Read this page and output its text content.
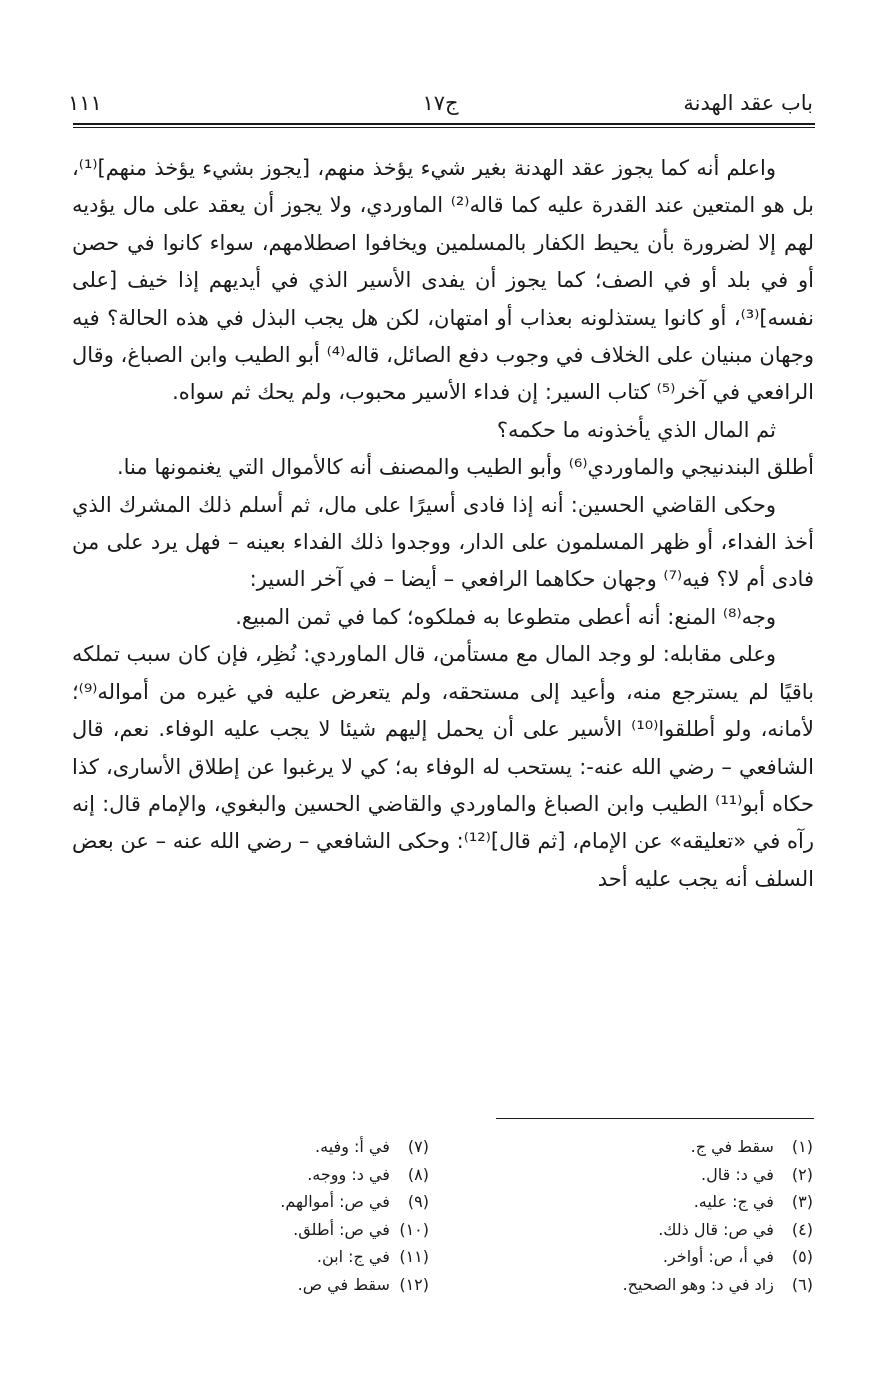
باب عقد الهدنة
ج١٧
١١١

واعلم أنه كما يجوز عقد الهدنة بغير شيء يؤخذ منهم، [يجوز بشيء يؤخذ منهم]⁽¹⁾، بل هو المتعين عند القدرة عليه كما قاله⁽²⁾ الماوردي، ولا يجوز أن يعقد على مال يؤديه لهم إلا لضرورة بأن يحيط الكفار بالمسلمين ويخافوا اصطلامهم، سواء كانوا في حصن أو في بلد أو في الصف؛ كما يجوز أن يفدى الأسير الذي في أيديهم إذا خيف [على نفسه]⁽³⁾، أو كانوا يستذلونه بعذاب أو امتهان، لكن هل يجب البذل في هذه الحالة؟ فيه وجهان مبنيان على الخلاف في وجوب دفع الصائل، قاله⁽⁴⁾ أبو الطيب وابن الصباغ، وقال الرافعي في آخر⁽⁵⁾ كتاب السير: إن فداء الأسير محبوب، ولم يحك ثم سواه.

ثم المال الذي يأخذونه ما حكمه؟

أطلق البندنيجي والماوردي⁽⁶⁾ وأبو الطيب والمصنف أنه كالأموال التي يغنمونها منا.

وحكى القاضي الحسين: أنه إذا فادى أسيرًا على مال، ثم أسلم ذلك المشرك الذي أخذ الفداء، أو ظهر المسلمون على الدار، ووجدوا ذلك الفداء بعينه – فهل يرد على من فادى أم لا؟ فيه⁽⁷⁾ وجهان حكاهما الرافعي – أيضا – في آخر السير:

وجه⁽⁸⁾ المنع: أنه أعطى متطوعا به فملكوه؛ كما في ثمن المبيع.

وعلى مقابله: لو وجد المال مع مستأمن، قال الماوردي: نُظِر، فإن كان سبب تملكه باقيًا لم يسترجع منه، وأعيد إلى مستحقه، ولم يتعرض عليه في غيره من أمواله⁽⁹⁾؛ لأمانه، ولو أطلقوا⁽¹⁰⁾ الأسير على أن يحمل إليهم شيئا لا يجب عليه الوفاء. نعم، قال الشافعي – رضي الله عنه-: يستحب له الوفاء به؛ كي لا يرغبوا عن إطلاق الأسارى، كذا حكاه أبو⁽¹¹⁾ الطيب وابن الصباغ والماوردي والقاضي الحسين والبغوي، والإمام قال: إنه رآه في «تعليقه» عن الإمام، [ثم قال]⁽¹²⁾: وحكى الشافعي – رضي الله عنه – عن بعض السلف أنه يجب عليه أحد

(١) سقط في ج.
(٢) في د: قال.
(٣) في ج: عليه.
(٤) في ص: قال ذلك.
(٥) في أ، ص: أواخر.
(٦) زاد في د: وهو الصحيح.
(٧) في أ: وفيه.
(٨) في د: ووجه.
(٩) في ص: أموالهم.
(١٠) في ص: أطلق.
(١١) في ج: ابن.
(١٢) سقط في ص.
